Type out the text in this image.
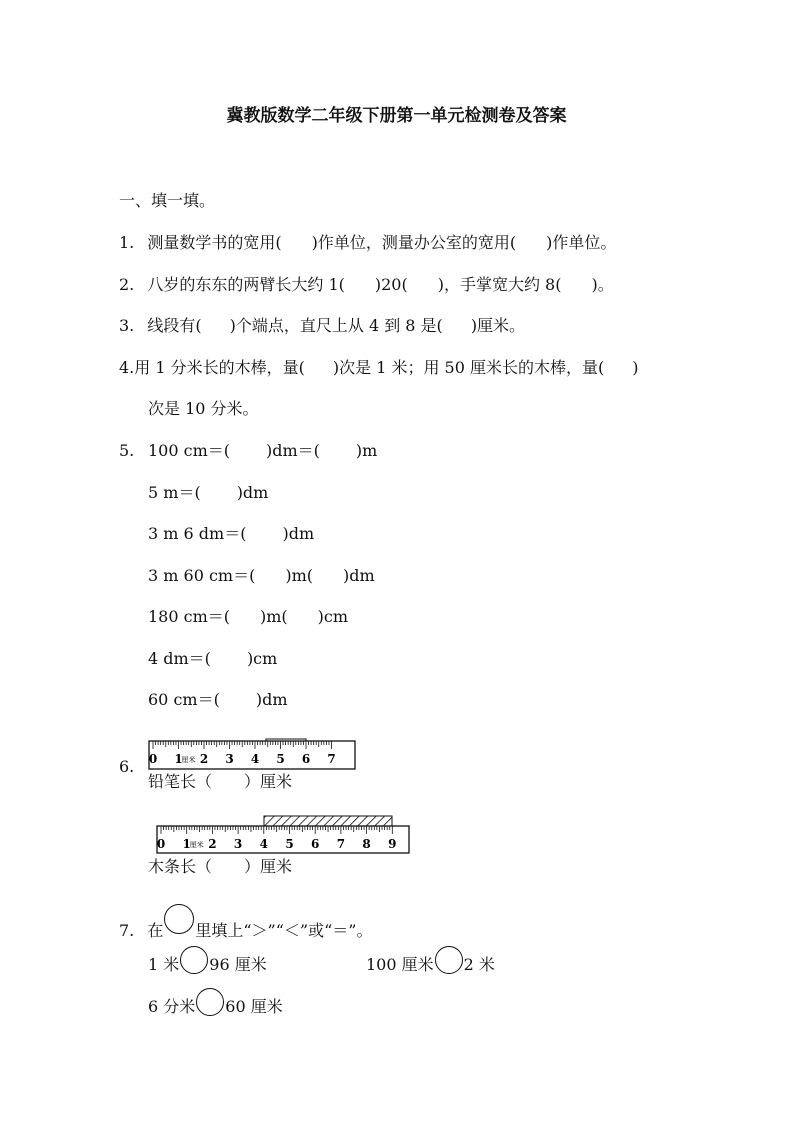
冀教版数学二年级下册第一单元检测卷及答案
一、填一填。
1. 测量数学书的宽用( )作单位，测量办公室的宽用( )作单位。
2. 八岁的东东的两臂长大约 1( )20( )，手掌宽大约 8( )。
3. 线段有( )个端点，直尺上从 4 到 8 是( )厘米。
4.用 1 分米长的木棒，量( )次是 1 米；用 50 厘米长的木棒，量( )
次是 10 分米。
5. 100 cm＝( )dm＝( )m
5 m＝( )dm
3 m 6 dm＝( )dm
3 m 60 cm＝( )m( )dm
180 cm＝( )m( )cm
4 dm＝( )cm
60 cm＝( )dm
6. 0 1
厘米 2 3 4 5 6 7
铅笔长（　　）厘米
0 1
厘米 2 3 4 5 6 7 8 9
木条长（　　）厘米
7. 在 里填上“＞”“＜”或“＝”。
1 米 96 厘米	100 厘米 2 米
6 分米 60 厘米
